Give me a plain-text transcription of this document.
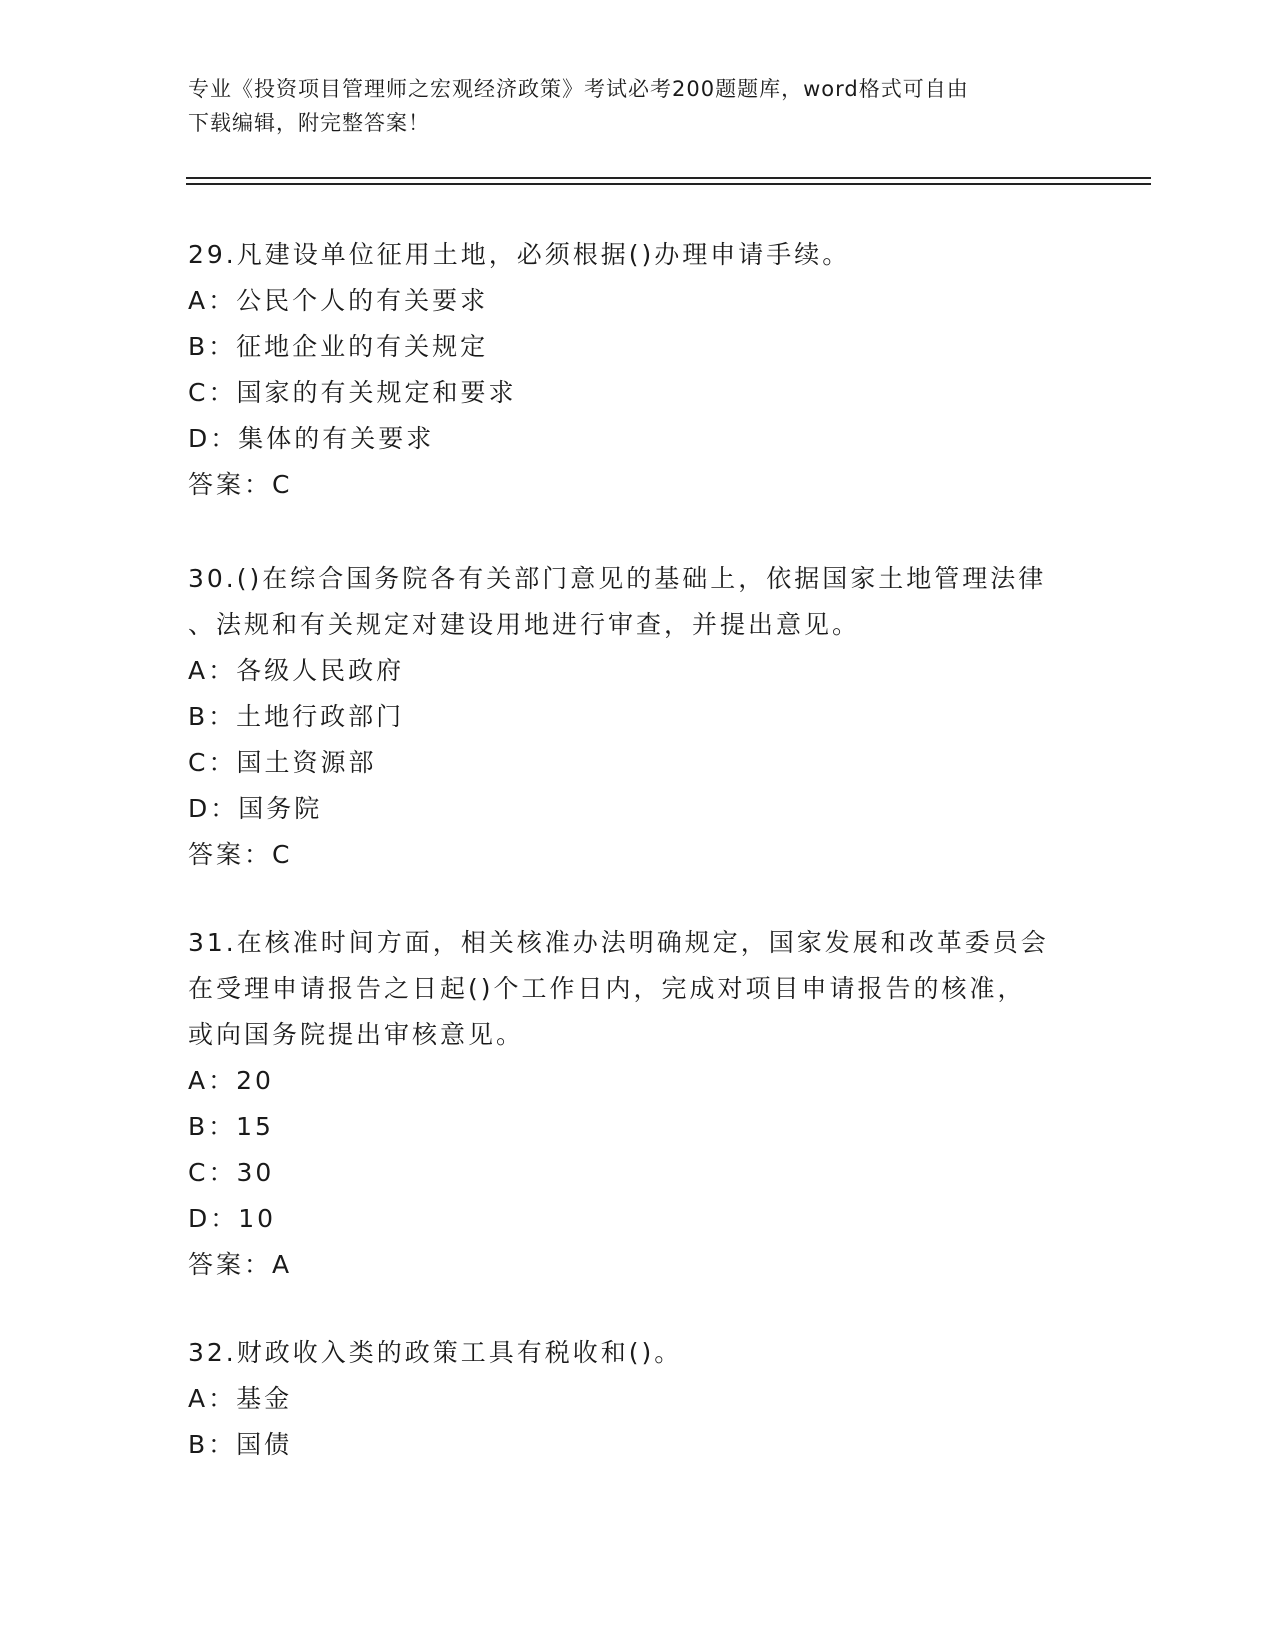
专业《投资项目管理师之宏观经济政策》考试必考200题题库，word格式可自由
下载编辑，附完整答案！
29.凡建设单位征用土地，必须根据()办理申请手续。
A：公民个人的有关要求
B：征地企业的有关规定
C：国家的有关规定和要求
D：集体的有关要求
答案：C
30.()在综合国务院各有关部门意见的基础上，依据国家土地管理法律
、法规和有关规定对建设用地进行审查，并提出意见。
A：各级人民政府
B：土地行政部门
C：国土资源部
D：国务院
答案：C
31.在核准时间方面，相关核准办法明确规定，国家发展和改革委员会
在受理申请报告之日起()个工作日内，完成对项目申请报告的核准，
或向国务院提出审核意见。
A：20
B：15
C：30
D：10
答案：A
32.财政收入类的政策工具有税收和()。
A：基金
B：国债
